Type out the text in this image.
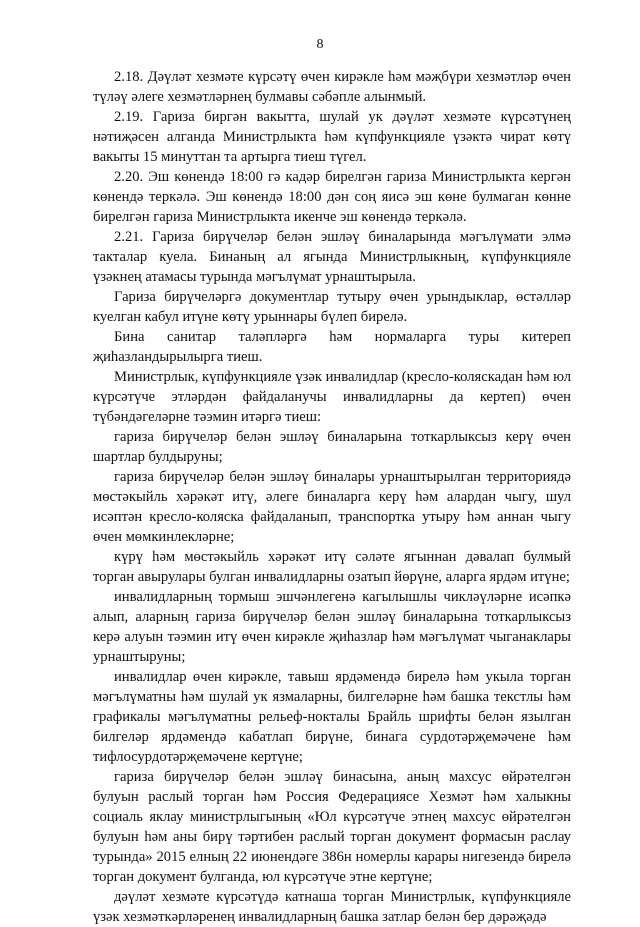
8

2.18. Дәүләт хезмәте күрсәтү өчен кирәкле һәм мәҗбүри хезмәтләр өчен түләү әлеге хезмәтләрнең булмавы сәбәпле алынмый.

2.19. Гариза биргән вакытта, шулай ук дәүләт хезмәте күрсәтүнең нәтиҗәсен алганда Министрлыкта һәм күпфункцияле үзәктә чират көтү вакыты 15 минуттан та артырга тиеш түгел.

2.20. Эш көнендә 18:00 гә кадәр бирелгән гариза Министрлыкта кергән көнендә теркәлә. Эш көнендә 18:00 дән соң яисә эш көне булмаган көнне бирелгән гариза Министрлыкта икенче эш көнендә теркәлә.

2.21. Гариза бирүчеләр белән эшләү биналарында мәгълүмати элмә такталар куела. Бинаның ал ягында Министрлыкның, күпфункцияле үзәкнең атамасы турында мәгълүмат урнаштырыла.

Гариза бирүчеләргә документлар тутыру өчен урындыклар, өстәлләр куелган кабул итүне көтү урыннары бүлеп бирелә.

Бина санитар таләпләргә һәм нормаларга туры китереп җиһазландырылырга тиеш.

Министрлык, күпфункцияле үзәк инвалидлар (кресло-коляскадан һәм юл күрсәтүче этләрдән файдаланучы инвалидларны да кертеп) өчен түбәндәгеләрне тәэмин итәргә тиеш:

гариза бирүчеләр белән эшләү биналарына тоткарлыксыз керү өчен шартлар булдыруны;

гариза бирүчеләр белән эшләү биналары урнаштырылган территориядә мөстәкыйль хәрәкәт итү, әлеге биналарга керү һәм алардан чыгу, шул исәптән кресло-коляска файдаланып, транспортка утыру һәм аннан чыгу өчен мөмкинлекләрне;

күрү һәм мөстәкыйль хәрәкәт итү сәләте ягыннан дәвалап булмый торган авырулары булган инвалидларны озатып йөрүне, аларга ярдәм итүне;

инвалидларның тормыш эшчәнлегенә кагылышлы чикләүләрне исәпкә алып, аларның гариза бирүчеләр белән эшләү биналарына тоткарлыксыз керә алуын тәэмин итү өчен кирәкле җиһазлар һәм мәгълүмат чыганаклары урнаштыруны;

инвалидлар өчен кирәкле, тавыш ярдәмендә бирелә һәм укыла торган мәгълүматны һәм шулай ук язмаларны, билгеләрне һәм башка текстлы һәм графикалы мәгълүматны рельеф-нокталы Брайль шрифты белән язылган билгеләр ярдәмендә кабатлап бирүне, бинага сурдотәрҗемәчене һәм тифлосурдотәрҗемәчене кертүне;

гариза бирүчеләр белән эшләү бинасына, аның махсус өйрәтелгән булуын раслый торган һәм Россия Федерациясе Хезмәт һәм халыкны социаль яклау министрлыгының «Юл күрсәтүче этнең махсус өйрәтелгән булуын һәм аны бирү тәртибен раслый торган документ формасын раслау турында» 2015 елның 22 июнендәге 386н номерлы карары нигезендә бирелә торган документ булганда, юл күрсәтүче этне кертүне;

дәүләт хезмәте күрсәтүдә катнаша торган Министрлык, күпфункцияле үзәк хезмәткәрләренең инвалидларның башка затлар белән бер дәрәҗәдә
